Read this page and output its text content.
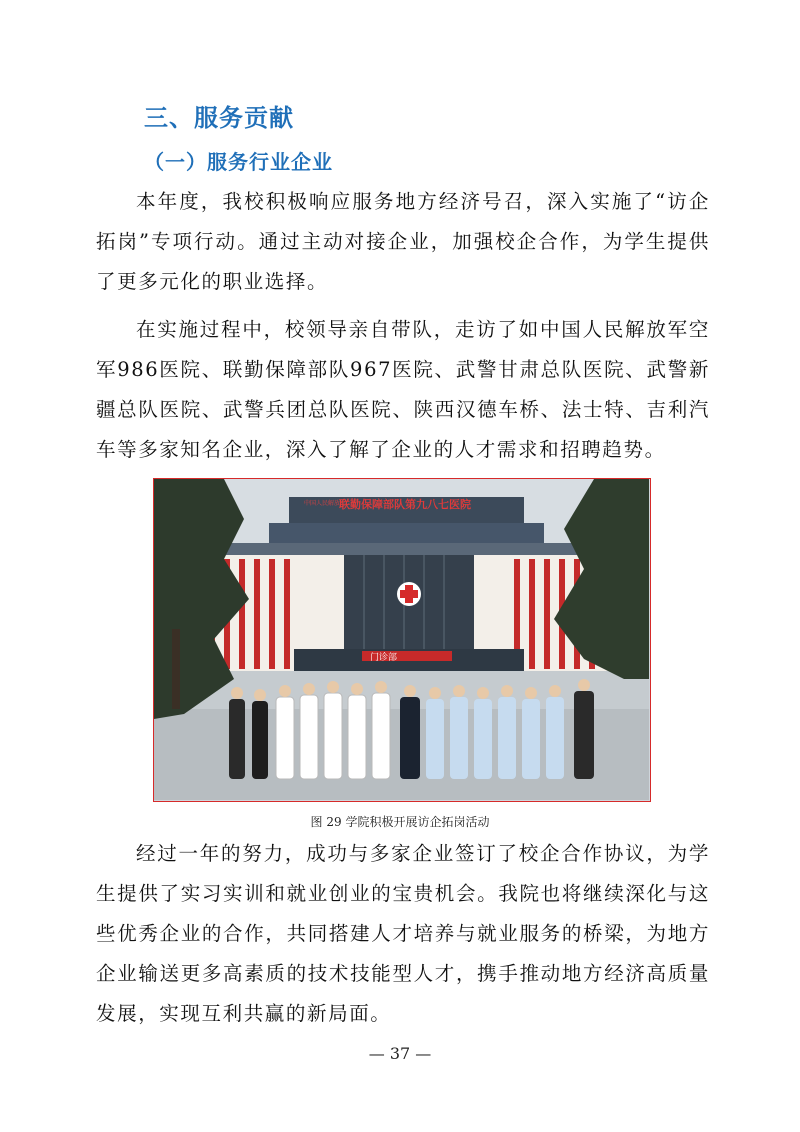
三、服务贡献
（一）服务行业企业

本年度，我校积极响应服务地方经济号召，深入实施了“访企拓岗”专项行动。通过主动对接企业，加强校企合作，为学生提供了更多元化的职业选择。

在实施过程中，校领导亲自带队，走访了如中国人民解放军空军986医院、联勤保障部队967医院、武警甘肃总队医院、武警新疆总队医院、武警兵团总队医院、陕西汉德车桥、法士特、吉利汽车等多家知名企业，深入了解了企业的人才需求和招聘趋势。

中国人民解放军
联勤保障部队第九八七医院
门诊部
图 29 学院积极开展访企拓岗活动

经过一年的努力，成功与多家企业签订了校企合作协议，为学生提供了实习实训和就业创业的宝贵机会。我院也将继续深化与这些优秀企业的合作，共同搭建人才培养与就业服务的桥梁，为地方企业输送更多高素质的技术技能型人才，携手推动地方经济高质量发展，实现互利共赢的新局面。

— 37 —
